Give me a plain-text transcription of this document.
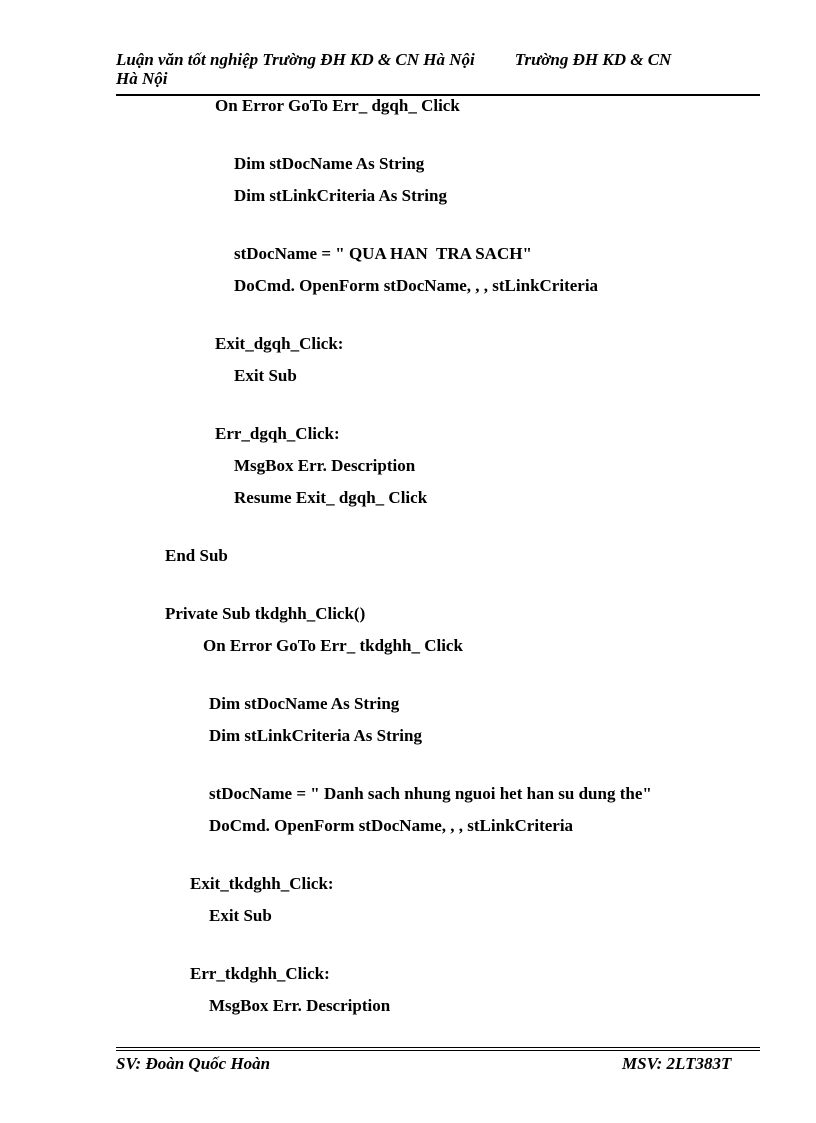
Luận văn tốt nghiệp Trường ĐH KD & CN Hà Nội Trường ĐH KD & CN
Hà Nội
On Error GoTo Err_ dgqh_ Click
Dim stDocName As String
Dim stLinkCriteria As String
stDocName = " QUA HAN  TRA SACH"
DoCmd. OpenForm stDocName, , , stLinkCriteria
Exit_dgqh_Click:
Exit Sub
Err_dgqh_Click:
MsgBox Err. Description
Resume Exit_ dgqh_ Click
End Sub
Private Sub tkdghh_Click()
On Error GoTo Err_ tkdghh_ Click
Dim stDocName As String
Dim stLinkCriteria As String
stDocName = " Danh sach nhung nguoi het han su dung the"
DoCmd. OpenForm stDocName, , , stLinkCriteria
Exit_tkdghh_Click:
Exit Sub
Err_tkdghh_Click:
MsgBox Err. Description
SV: Đoàn Quốc Hoàn	MSV: 2LT383T
